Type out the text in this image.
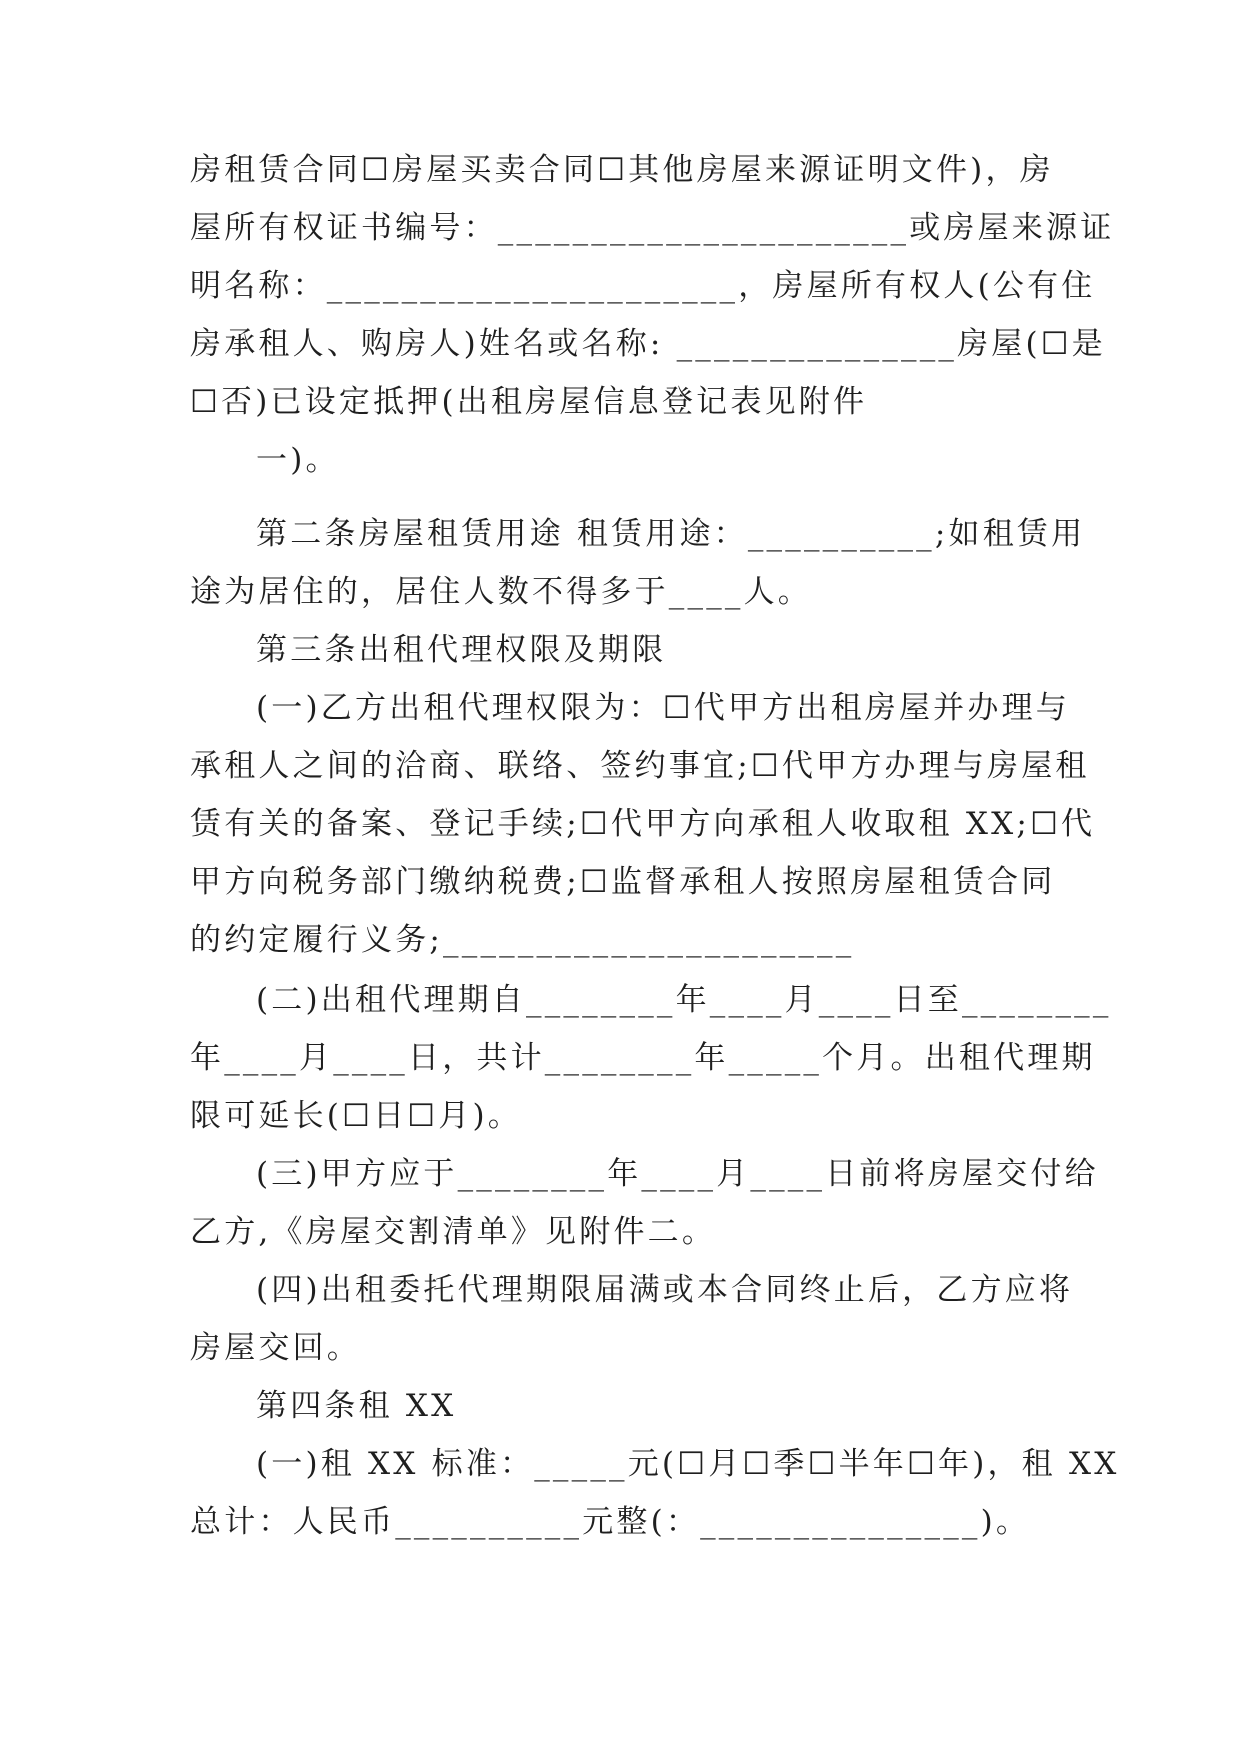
房租赁合同☐房屋买卖合同☐其他房屋来源证明文件)，房
屋所有权证书编号：______________________或房屋来源证
明名称：______________________，房屋所有权人(公有住
房承租人、购房人)姓名或名称: _______________房屋(☐是
☐否)已设定抵押(出租房屋信息登记表见附件
一)。
第二条房屋租赁用途 租赁用途：__________;如租赁用
途为居住的，居住人数不得多于____人。
第三条出租代理权限及期限
(一)乙方出租代理权限为：☐代甲方出租房屋并办理与
承租人之间的洽商、联络、签约事宜;☐代甲方办理与房屋租
赁有关的备案、登记手续;☐代甲方向承租人收取租 XX;☐代
甲方向税务部门缴纳税费;☐监督承租人按照房屋租赁合同
的约定履行义务;______________________
(二)出租代理期自________年____月____日至________
年____月____日，共计________年_____个月。出租代理期
限可延长(☐日☐月)。
(三)甲方应于________年____月____日前将房屋交付给
乙方,《房屋交割清单》见附件二。
(四)出租委托代理期限届满或本合同终止后，乙方应将
房屋交回。
第四条租 XX
(一)租 XX 标准：_____元(☐月☐季☐半年☐年)，租 XX
总计：人民币__________元整(：_______________)。
